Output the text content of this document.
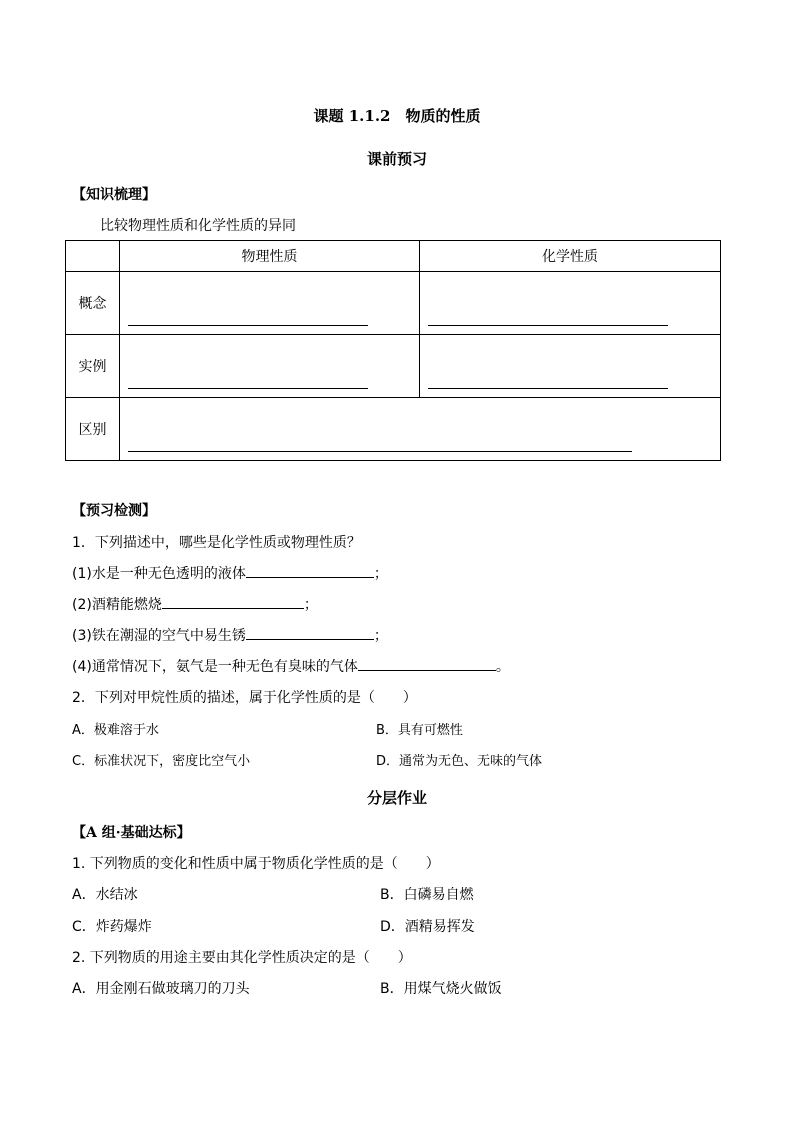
课题 1.1.2　物质的性质
课前预习
【知识梳理】
比较物理性质和化学性质的异同
	物理性质	化学性质
概念	

实例	

区别		
【预习检测】
1．下列描述中，哪些是化学性质或物理性质？
(1)水是一种无色透明的液体	；
(2)酒精能燃烧	；
(3)铁在潮湿的空气中易生锈	；
(4)通常情况下，氨气是一种无色有臭味的气体	。
2．下列对甲烷性质的描述，属于化学性质的是（　　）
A．极难溶于水	B．具有可燃性
C．标准状况下，密度比空气小	D．通常为无色、无味的气体
分层作业
【A 组·基础达标】
1. 下列物质的变化和性质中属于物质化学性质的是（　　）
A．水结冰	B．白磷易自燃
C．炸药爆炸	D．酒精易挥发
2. 下列物质的用途主要由其化学性质决定的是（　　）
A．用金刚石做玻璃刀的刀头	B．用煤气烧火做饭
